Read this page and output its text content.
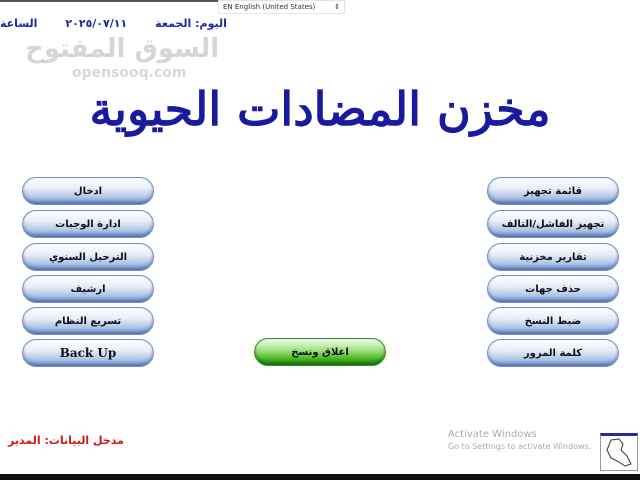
EN English (United States)	⇕
الساعة	٢٠٢٥/٠٧/١١	اليوم: الجمعة
السوق المفتوح
opensooq.com
مخزن المضادات الحيوية
ادخال
ادارة الوجبات
الترحيل السنوي
ارشيف
تسريع النظام
Back Up
قائمة تجهيز
تجهيز الفاشل/التالف
تقارير مخزنية
حذف جهات
ضبط النسخ
كلمة المرور
اغلاق ونسخ
مدخل البيانات: المدير	Activate Windows
Go to Settings to activate Windows.
